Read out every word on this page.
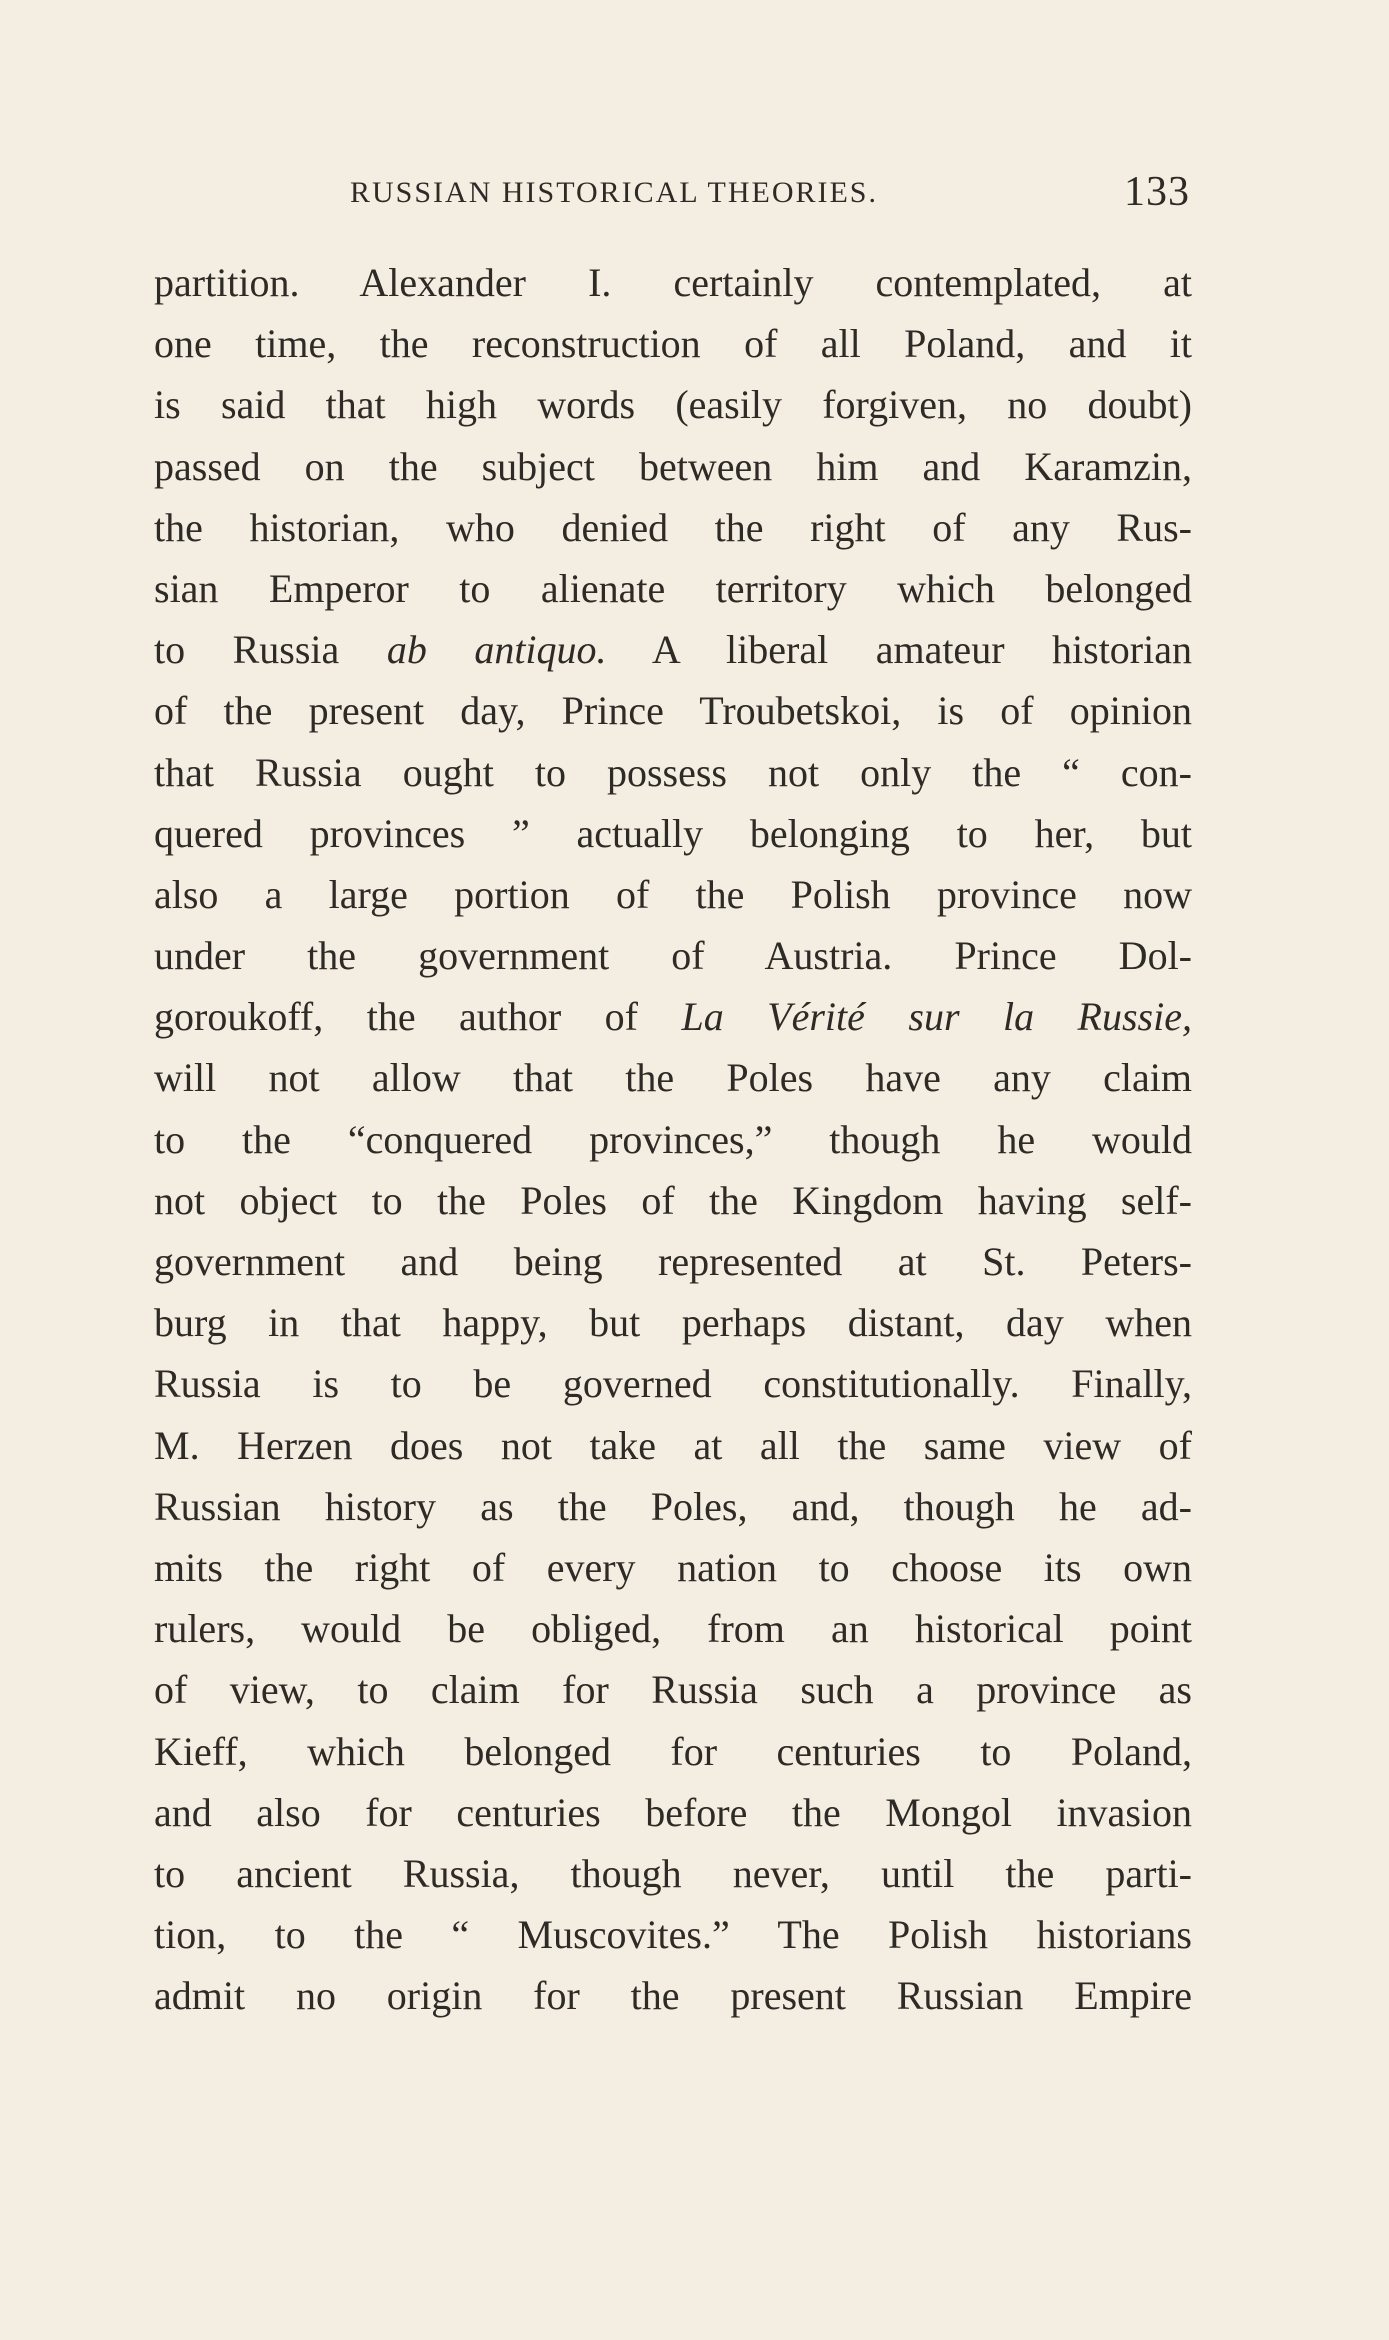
RUSSIAN HISTORICAL THEORIES.	133
partition. Alexander I. certainly contemplated, at
one time, the reconstruction of all Poland, and it
is said that high words (easily forgiven, no doubt)
passed on the subject between him and Karamzin,
the historian, who denied the right of any Rus-
sian Emperor to alienate territory which belonged
to Russia ab antiquo. A liberal amateur historian
of the present day, Prince Troubetskoi, is of opinion
that Russia ought to possess not only the “ con-
quered provinces ” actually belonging to her, but
also a large portion of the Polish province now
under the government of Austria. Prince Dol-
goroukoff, the author of La Vérité sur la Russie,
will not allow that the Poles have any claim
to the “conquered provinces,” though he would
not object to the Poles of the Kingdom having self-
government and being represented at St. Peters-
burg in that happy, but perhaps distant, day when
Russia is to be governed constitutionally. Finally,
M. Herzen does not take at all the same view of
Russian history as the Poles, and, though he ad-
mits the right of every nation to choose its own
rulers, would be obliged, from an historical point
of view, to claim for Russia such a province as
Kieff, which belonged for centuries to Poland,
and also for centuries before the Mongol invasion
to ancient Russia, though never, until the parti-
tion, to the “ Muscovites.” The Polish historians
admit no origin for the present Russian Empire
